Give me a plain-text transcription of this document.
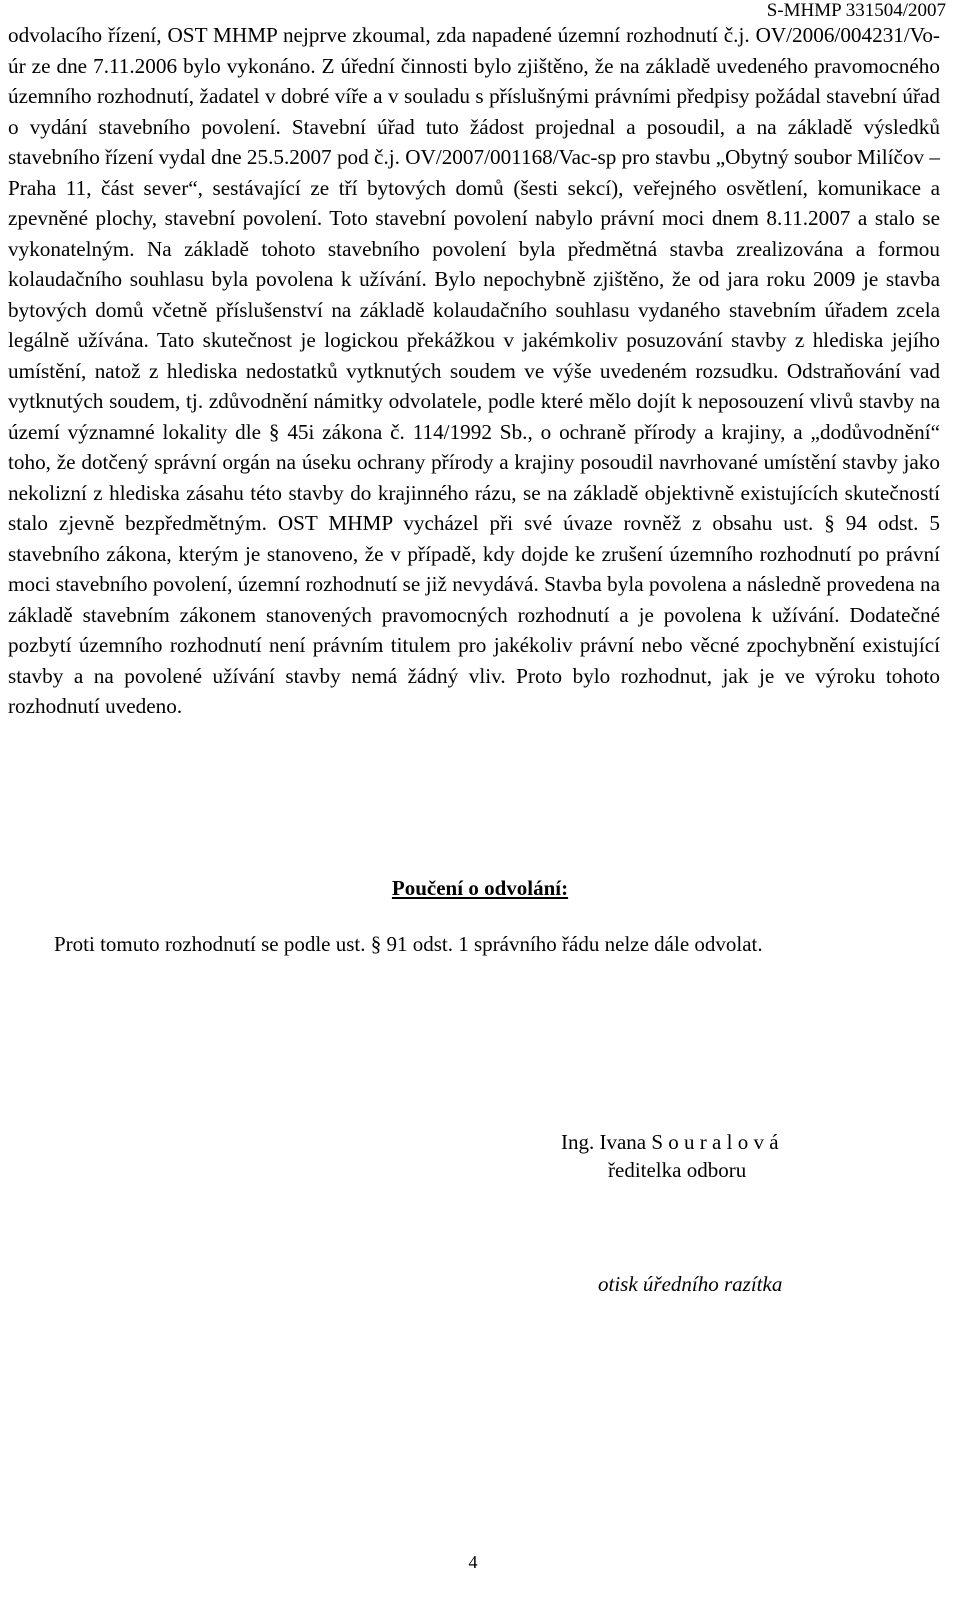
S-MHMP 331504/2007

odvolacího řízení, OST MHMP nejprve zkoumal, zda napadené územní rozhodnutí č.j. OV/2006/004231/Vo-úr ze dne 7.11.2006 bylo vykonáno. Z úřední činnosti bylo zjištěno, že na základě uvedeného pravomocného územního rozhodnutí, žadatel v dobré víře a v souladu s příslušnými právními předpisy požádal stavební úřad o vydání stavebního povolení. Stavební úřad tuto žádost projednal a posoudil, a na základě výsledků stavebního řízení vydal dne 25.5.2007 pod č.j. OV/2007/001168/Vac-sp pro stavbu „Obytný soubor Milíčov – Praha 11, část sever“, sestávající ze tří bytových domů (šesti sekcí), veřejného osvětlení, komunikace a zpevněné plochy, stavební povolení. Toto stavební povolení nabylo právní moci dnem 8.11.2007 a stalo se vykonatelným. Na základě tohoto stavebního povolení byla předmětná stavba zrealizována a formou kolaudačního souhlasu byla povolena k užívání. Bylo nepochybně zjištěno, že od jara roku 2009 je stavba bytových domů včetně příslušenství na základě kolaudačního souhlasu vydaného stavebním úřadem zcela legálně užívána. Tato skutečnost je logickou překážkou v jakémkoliv posuzování stavby z hlediska jejího umístění, natož z hlediska nedostatků vytknutých soudem ve výše uvedeném rozsudku. Odstraňování vad vytknutých soudem, tj. zdůvodnění námitky odvolatele, podle které mělo dojít k neposouzení vlivů stavby na území významné lokality dle § 45i zákona č. 114/1992 Sb., o ochraně přírody a krajiny, a „dodůvodnění“ toho, že dotčený správní orgán na úseku ochrany přírody a krajiny posoudil navrhované umístění stavby jako nekolizní z hlediska zásahu této stavby do krajinného rázu, se na základě objektivně existujících skutečností stalo zjevně bezpředmětným. OST MHMP vycházel při své úvaze rovněž z obsahu ust. § 94 odst. 5 stavebního zákona, kterým je stanoveno, že v případě, kdy dojde ke zrušení územního rozhodnutí po právní moci stavebního povolení, územní rozhodnutí se již nevydává. Stavba byla povolena a následně provedena na základě stavebním zákonem stanovených pravomocných rozhodnutí a je povolena k užívání. Dodatečné pozbytí územního rozhodnutí není právním titulem pro jakékoliv právní nebo věcné zpochybnění existující stavby a na povolené užívání stavby nemá žádný vliv. Proto bylo rozhodnut, jak je ve výroku tohoto rozhodnutí uvedeno.

Poučení o odvolání:
Proti tomuto rozhodnutí se podle ust. § 91 odst. 1 správního řádu nelze dále odvolat.
Ing. Ivana S o u r a l o v á
ředitelka odboru
otisk úředního razítka
4
